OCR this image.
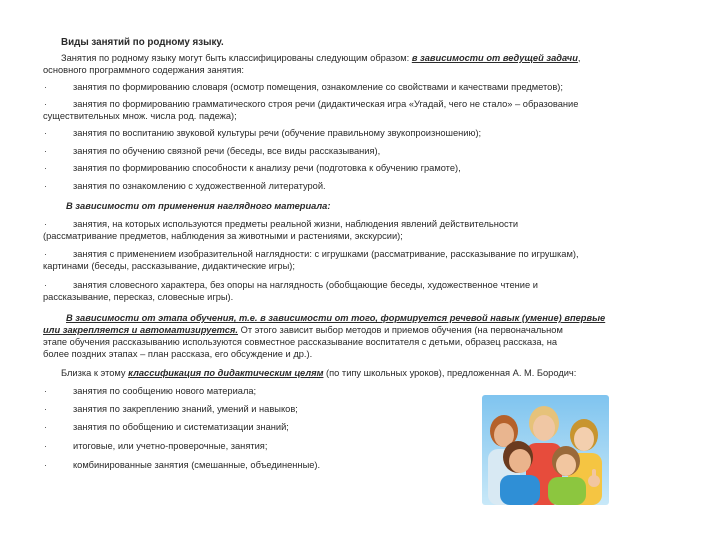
Виды занятий по родному языку.
Занятия по родному языку могут быть классифицированы следующим образом: в зависимости от ведущей задачи,
основного программного содержания занятия:
·	занятия по формированию словаря (осмотр помещения, ознакомление со свойствами и качествами предметов);
·	занятия по формированию грамматического строя речи (дидактическая игра «Угадай, чего не стало» – образование
существительных множ. числа род. падежа);
·	занятия по воспитанию звуковой культуры речи (обучение правильному звукопроизношению);
·	занятия по обучению связной речи (беседы, все виды рассказывания),
·	занятия по формированию способности к анализу речи (подготовка к обучению грамоте),
·	занятия по ознакомлению с художественной литературой.
В зависимости от применения наглядного материала:
·	занятия, на которых используются предметы реальной жизни, наблюдения явлений действительности
(рассматривание предметов, наблюдения за животными и растениями, экскурсии);
·	занятия с применением изобразительной наглядности: с игрушками (рассматривание, рассказывание по игрушкам),
картинами (беседы, рассказывание, дидактические игры);
·	занятия словесного характера, без опоры на наглядность (обобщающие беседы, художественное чтение и
рассказывание, пересказ, словесные игры).
В зависимости от этапа обучения, т.е. в зависимости от того, формируется речевой навык (умение) впервые
или закрепляется и автоматизируется. От этого зависит выбор методов и приемов обучения (на первоначальном
этапе обучения рассказыванию используются совместное рассказывание воспитателя с детьми, образец рассказа, на
более поздних этапах – план рассказа, его обсуждение и др.).
Близка к этому классификация по дидактическим целям (по типу школьных уроков), предложенная А. М. Бородич:
·	занятия по сообщению нового материала;
·	занятия по закреплению знаний, умений и навыков;
·	занятия по обобщению и систематизации знаний;
·	итоговые, или учетно-проверочные, занятия;
·	комбинированные занятия (смешанные, объединенные).
